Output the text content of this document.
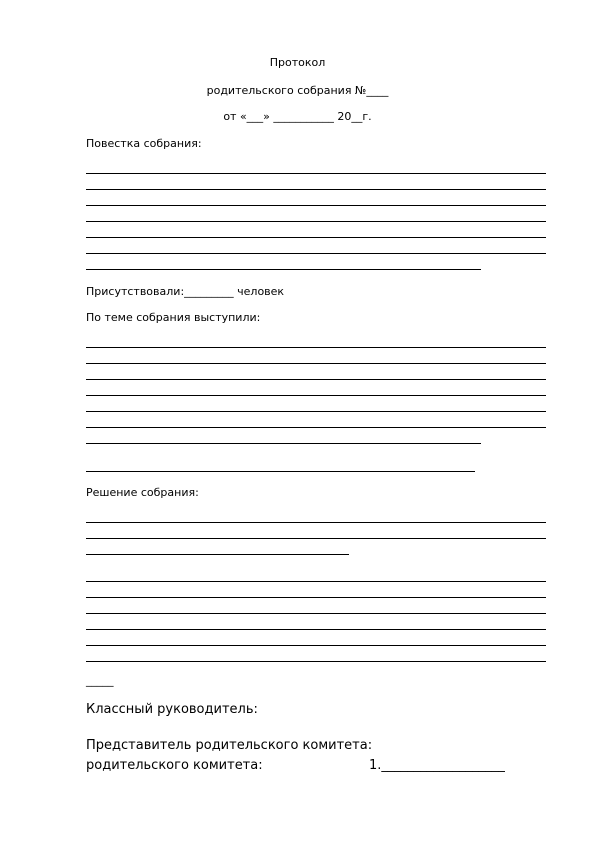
Протокол
родительского собрания №____
от «___» ___________ 20__г.
Повестка собрания:
Присутствовали:_________ человек
По теме собрания выступили:
Решение собрания:
_____
Классный руководитель:
Представитель родительского комитета:
родительского комитета:	1.___________________
